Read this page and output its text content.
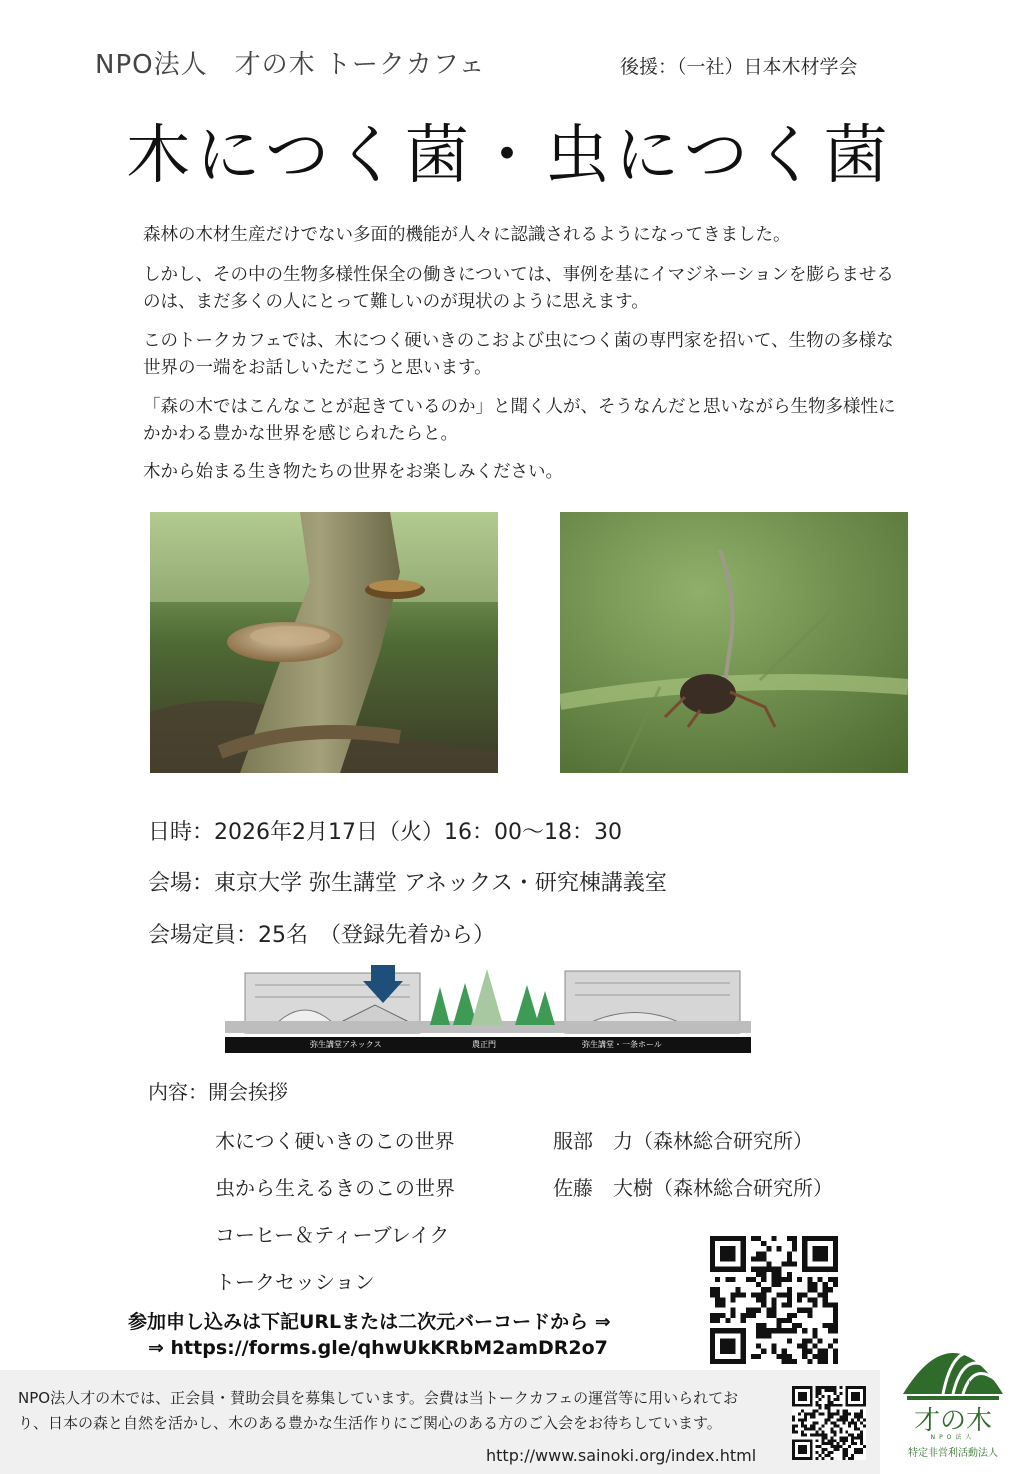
NPO法人　才の木 トークカフェ	後援：（一社）日本木材学会
木につく菌・虫につく菌

森林の木材生産だけでない多面的機能が人々に認識されるようになってきました。

しかし、その中の生物多様性保全の働きについては、事例を基にイマジネーションを膨らませるのは、まだ多くの人にとって難しいのが現状のように思えます。

このトークカフェでは、木につく硬いきのこおよび虫につく菌の専門家を招いて、生物の多様な世界の一端をお話しいただこうと思います。

「森の木ではこんなことが起きているのか」と聞く人が、そうなんだと思いながら生物多様性にかかわる豊かな世界を感じられたらと。

木から始まる生き物たちの世界をお楽しみください。

日時：2026年2月17日（火）16：00～18：30
会場：東京大学 弥生講堂 アネックス・研究棟講義室
会場定員：25名　（登録先着から）
弥生講堂アネックス	農正門	弥生講堂・一条ホール
内容：開会挨拶
木につく硬いきのこの世界	服部　力（森林総合研究所）
虫から生えるきのこの世界	佐藤　大樹（森林総合研究所）
コーヒー＆ティーブレイク
トークセッション
参加申し込みは下記URLまたは二次元バーコードから ⇒
⇒ https://forms.gle/qhwUkKRbM2amDR2o7

NPO法人才の木では、正会員・賛助会員を募集しています。会費は当トークカフェの運営等に用いられており、日本の森と自然を活かし、木のある豊かな生活作りにご関心のある方のご入会をお待ちしています。

http://www.sainoki.org/index.html
SAINOKI
才の木
NPO法人
特定非営利活動法人
